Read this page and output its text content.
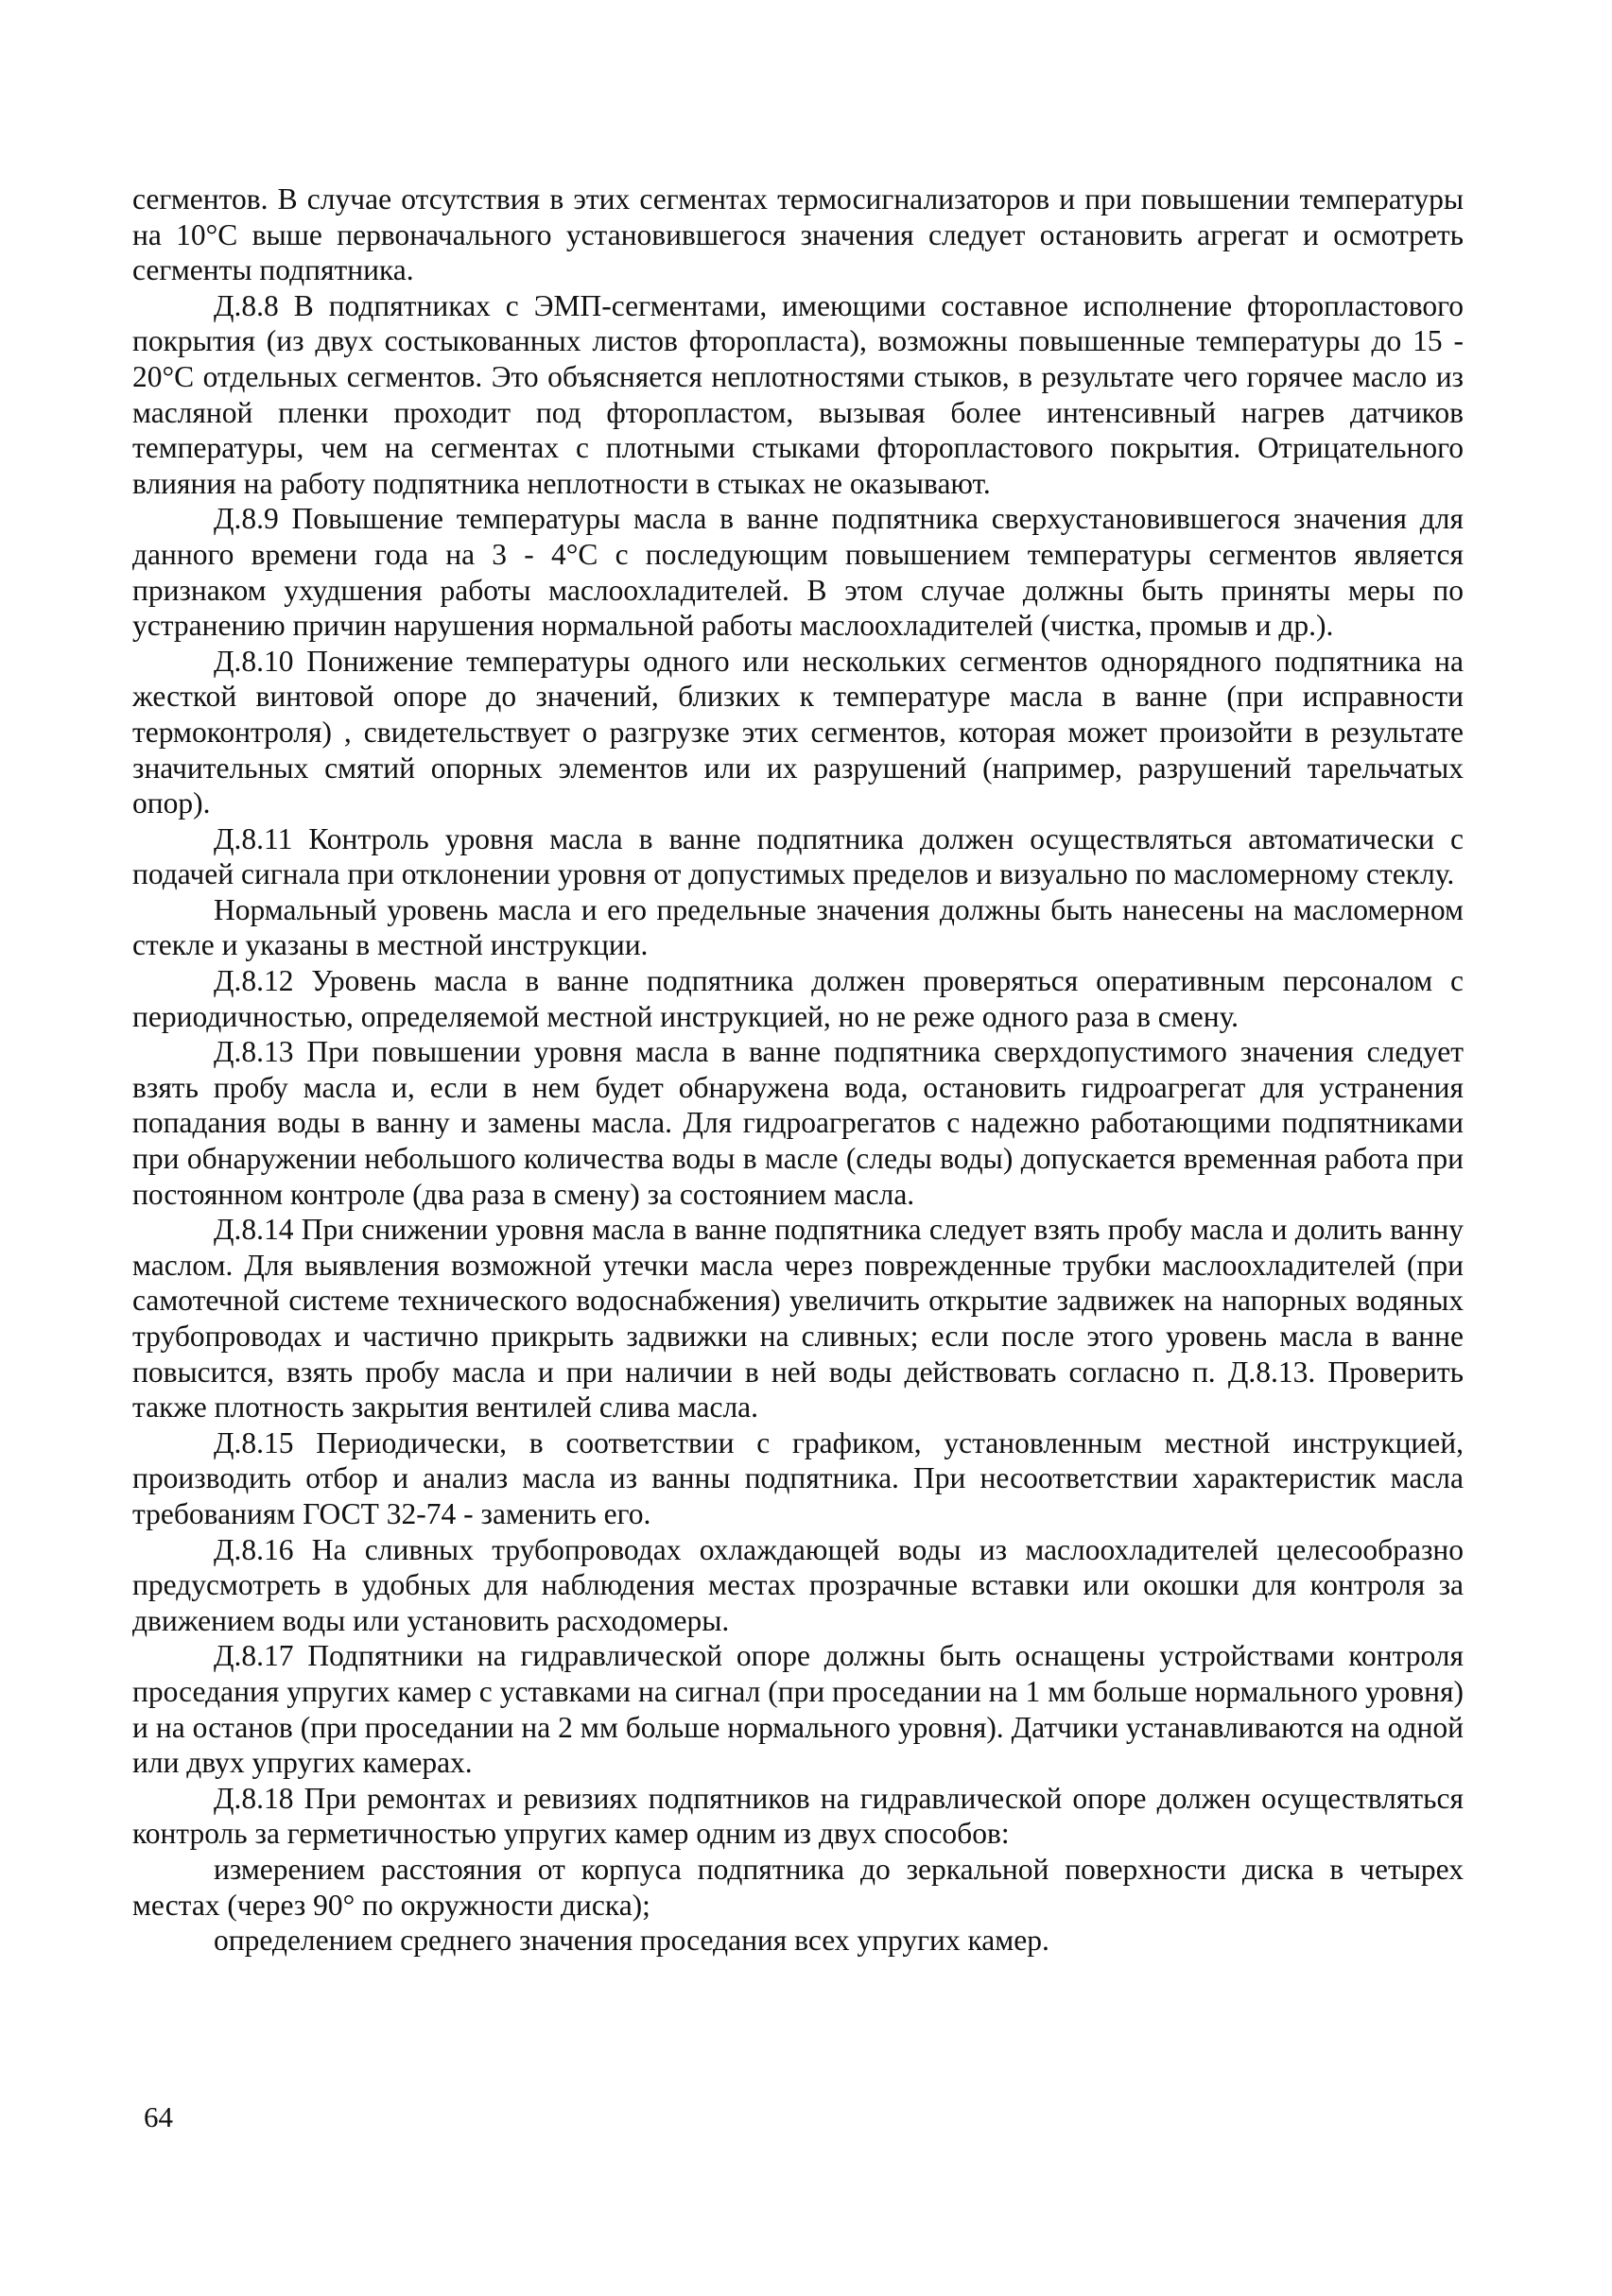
сегментов. В случае отсутствия в этих сегментах термосигнализаторов и при повышении температуры на 10°С выше первоначального установившегося значения следует остановить агрегат и осмотреть сегменты подпятника.

Д.8.8 В подпятниках с ЭМП-сегментами, имеющими составное исполнение фторопластового покрытия (из двух состыкованных листов фторопласта), возможны повышенные температуры до 15 - 20°С отдельных сегментов. Это объясняется неплотностями стыков, в результате чего горячее масло из масляной пленки проходит под фторопластом, вызывая более интенсивный нагрев датчиков температуры, чем на сегментах с плотными стыками фторопластового покрытия. Отрицательного влияния на работу подпятника неплотности в стыках не оказывают.

Д.8.9 Повышение температуры масла в ванне подпятника сверхустановившегося значения для данного времени года на 3 - 4°С с последующим повышением температуры сегментов является признаком ухудшения работы маслоохладителей. В этом случае должны быть приняты меры по устранению причин нарушения нормальной работы маслоохладителей (чистка, промыв и др.).

Д.8.10 Понижение температуры одного или нескольких сегментов однорядного подпятника на жесткой винтовой опоре до значений, близких к температуре масла в ванне (при исправности термоконтроля) , свидетельствует о разгрузке этих сегментов, которая может произойти в результате значительных смятий опорных элементов или их разрушений (например, разрушений тарельчатых опор).

Д.8.11 Контроль уровня масла в ванне подпятника должен осуществляться автоматически с подачей сигнала при отклонении уровня от допустимых пределов и визуально по масломерному стеклу.

Нормальный уровень масла и его предельные значения должны быть нанесены на масломерном стекле и указаны в местной инструкции.

Д.8.12 Уровень масла в ванне подпятника должен проверяться оперативным персоналом с периодичностью, определяемой местной инструкцией, но не реже одного раза в смену.

Д.8.13 При повышении уровня масла в ванне подпятника сверхдопустимого значения следует взять пробу масла и, если в нем будет обнаружена вода, остановить гидроагрегат для устранения попадания воды в ванну и замены масла. Для гидроагрегатов с надежно работающими подпятниками при обнаружении небольшого количества воды в масле (следы воды) допускается временная работа при постоянном контроле (два раза в смену) за состоянием масла.

Д.8.14 При снижении уровня масла в ванне подпятника следует взять пробу масла и долить ванну маслом. Для выявления возможной утечки масла через поврежденные трубки маслоохладителей (при самотечной системе технического водоснабжения) увеличить открытие задвижек на напорных водяных трубопроводах и частично прикрыть задвижки на сливных; если после этого уровень масла в ванне повысится, взять пробу масла и при наличии в ней воды действовать согласно п. Д.8.13. Проверить также плотность закрытия вентилей слива масла.

Д.8.15 Периодически, в соответствии с графиком, установленным местной инструкцией, производить отбор и анализ масла из ванны подпятника. При несоответствии характеристик масла требованиям ГОСТ 32-74 - заменить его.

Д.8.16 На сливных трубопроводах охлаждающей воды из маслоохладителей целесообразно предусмотреть в удобных для наблюдения местах прозрачные вставки или окошки для контроля за движением воды или установить расходомеры.

Д.8.17 Подпятники на гидравлической опоре должны быть оснащены устройствами контроля проседания упругих камер с уставками на сигнал (при проседании на 1 мм больше нормального уровня) и на останов (при проседании на 2 мм больше нормального уровня). Датчики устанавливаются на одной или двух упругих камерах.

Д.8.18 При ремонтах и ревизиях подпятников на гидравлической опоре должен осуществляться контроль за герметичностью упругих камер одним из двух способов:

измерением расстояния от корпуса подпятника до зеркальной поверхности диска в четырех местах (через 90° по окружности диска);

определением среднего значения проседания всех упругих камер.

64
